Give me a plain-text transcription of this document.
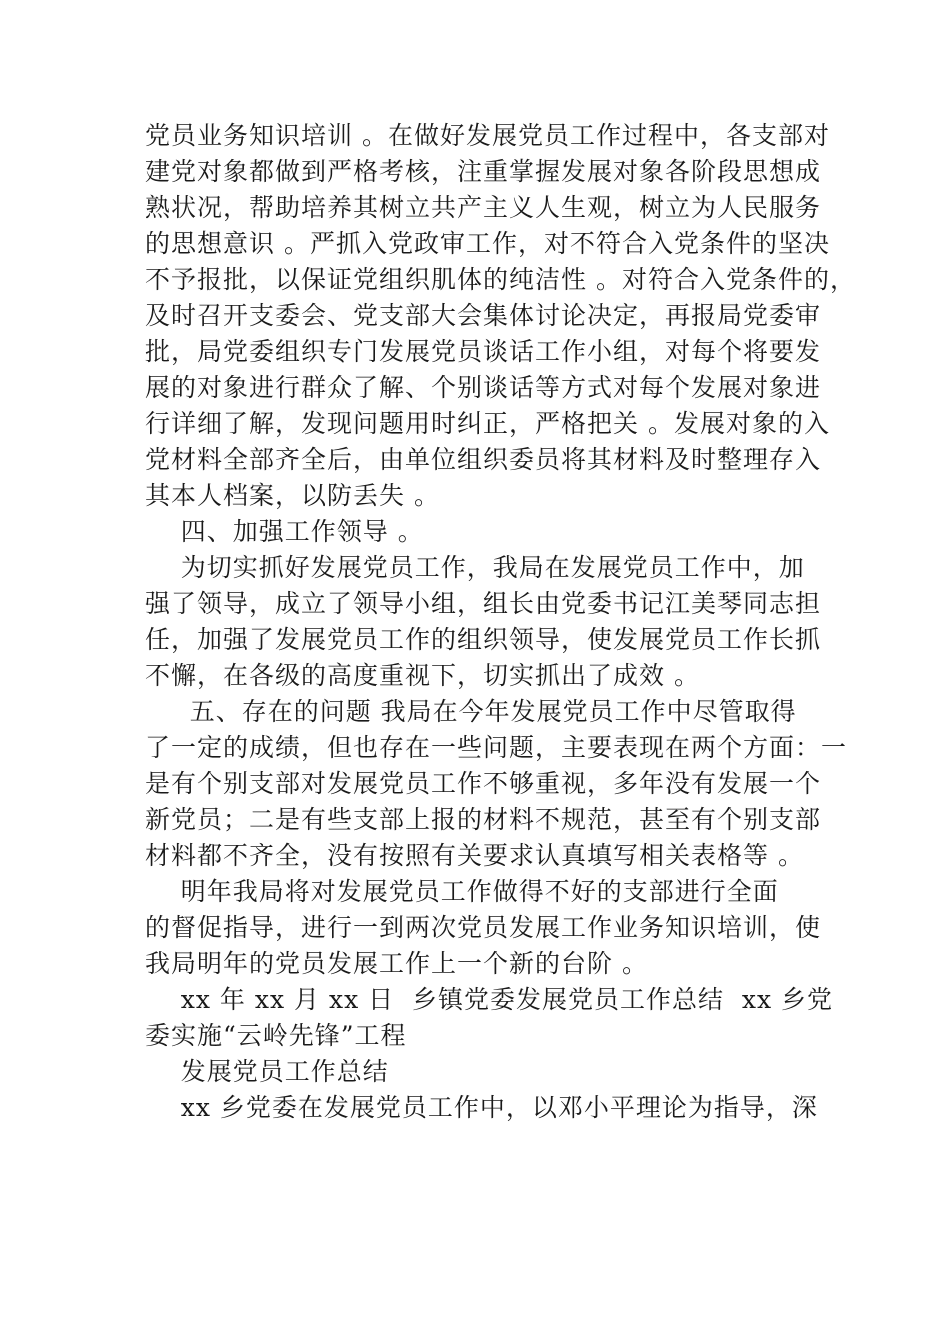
党员业务知识培训 。在做好发展党员工作过程中，各支部对
建党对象都做到严格考核，注重掌握发展对象各阶段思想成
熟状况，帮助培养其树立共产主义人生观，树立为人民服务
的思想意识 。严抓入党政审工作，对不符合入党条件的坚决
不予报批，以保证党组织肌体的纯洁性 。对符合入党条件的，
及时召开支委会、党支部大会集体讨论决定，再报局党委审
批，局党委组织专门发展党员谈话工作小组，对每个将要发
展的对象进行群众了解、个别谈话等方式对每个发展对象进
行详细了解，发现问题用时纠正，严格把关 。发展对象的入
党材料全部齐全后，由单位组织委员将其材料及时整理存入
其本人档案，以防丢失 。
四、加强工作领导 。
为切实抓好发展党员工作，我局在发展党员工作中，加
强了领导，成立了领导小组，组长由党委书记江美琴同志担
任，加强了发展党员工作的组织领导，使发展党员工作长抓
不懈，在各级的高度重视下，切实抓出了成效 。
五、存在的问题 我局在今年发展党员工作中尽管取得
了一定的成绩，但也存在一些问题，主要表现在两个方面：一
是有个别支部对发展党员工作不够重视，多年没有发展一个
新党员；二是有些支部上报的材料不规范，甚至有个别支部
材料都不齐全，没有按照有关要求认真填写相关表格等 。
明年我局将对发展党员工作做得不好的支部进行全面
的督促指导，进行一到两次党员发展工作业务知识培训，使
我局明年的党员发展工作上一个新的台阶 。
xx 年 xx 月 xx 日  乡镇党委发展党员工作总结  xx 乡党
委实施“云岭先锋”工程
发展党员工作总结
xx 乡党委在发展党员工作中，以邓小平理论为指导，深
